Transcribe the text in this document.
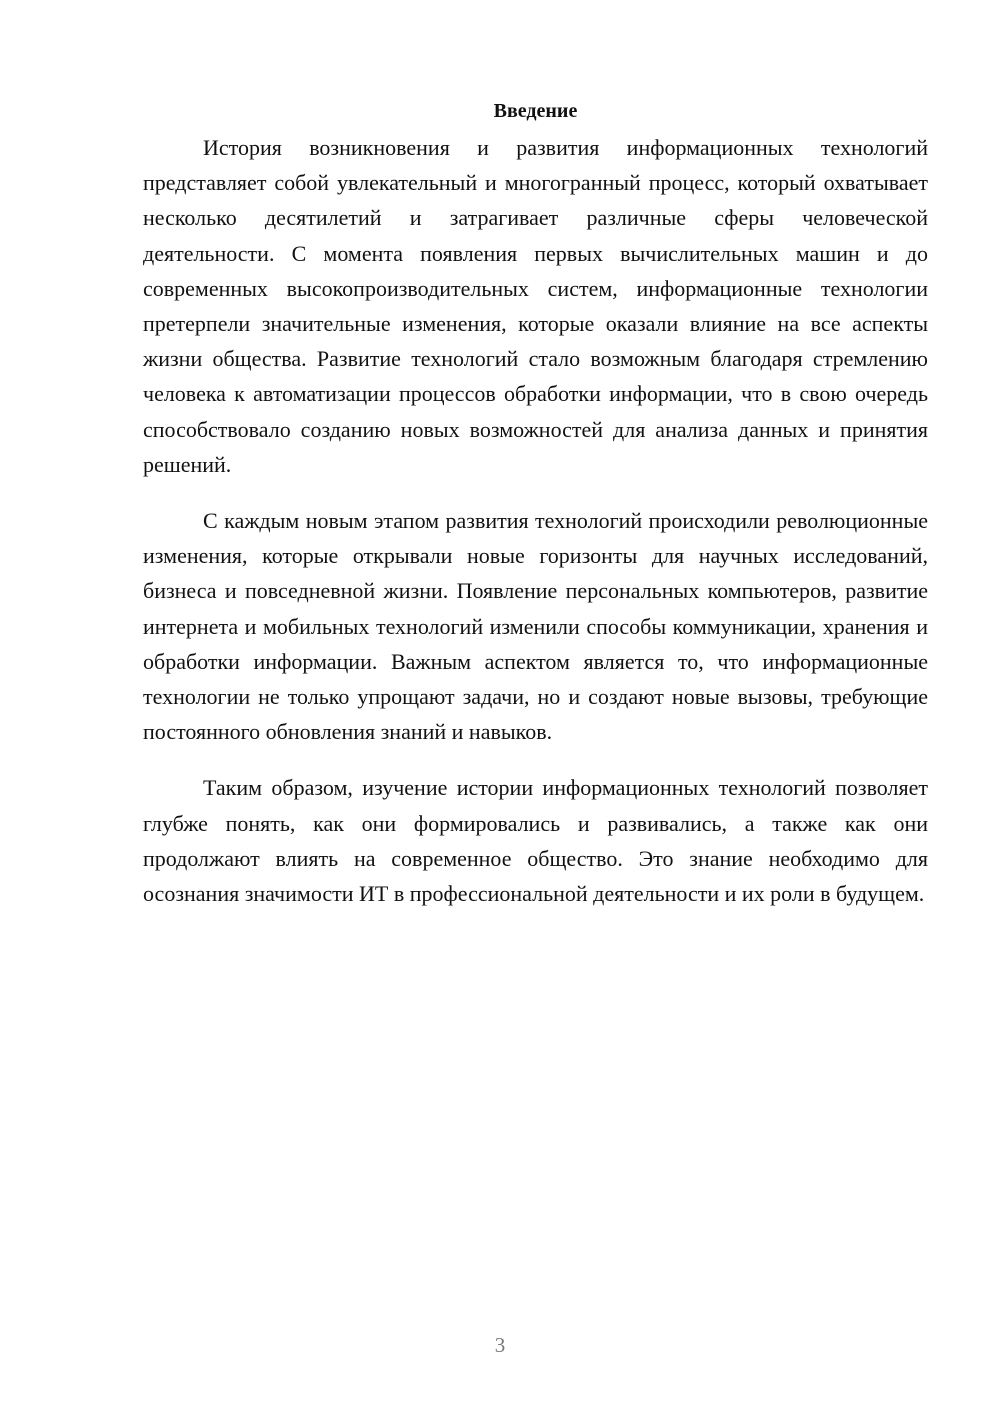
Введение

История возникновения и развития информационных технологий представляет собой увлекательный и многогранный процесс, который охватывает несколько десятилетий и затрагивает различные сферы человеческой деятельности. С момента появления первых вычислительных машин и до современных высокопроизводительных систем, информационные технологии претерпели значительные изменения, которые оказали влияние на все аспекты жизни общества. Развитие технологий стало возможным благодаря стремлению человека к автоматизации процессов обработки информации, что в свою очередь способствовало созданию новых возможностей для анализа данных и принятия решений.

С каждым новым этапом развития технологий происходили революционные изменения, которые открывали новые горизонты для научных исследований, бизнеса и повседневной жизни. Появление персональных компьютеров, развитие интернета и мобильных технологий изменили способы коммуникации, хранения и обработки информации. Важным аспектом является то, что информационные технологии не только упрощают задачи, но и создают новые вызовы, требующие постоянного обновления знаний и навыков.

Таким образом, изучение истории информационных технологий позволяет глубже понять, как они формировались и развивались, а также как они продолжают влиять на современное общество. Это знание необходимо для осознания значимости ИТ в профессиональной деятельности и их роли в будущем.

3
